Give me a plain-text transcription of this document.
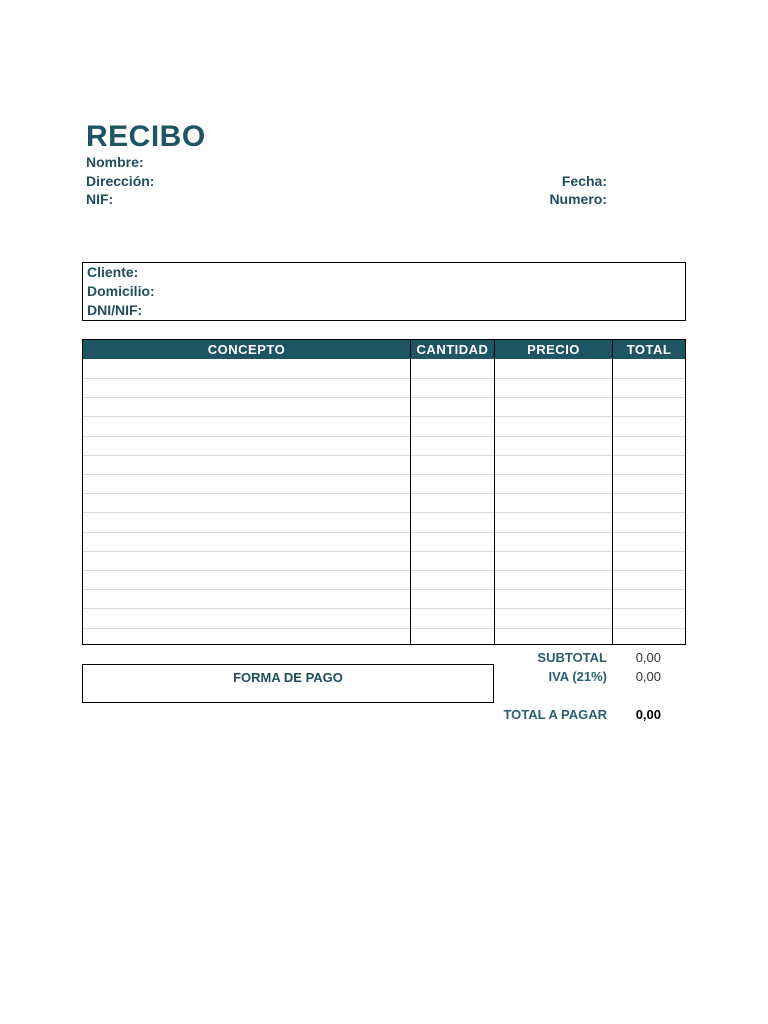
RECIBO
Nombre:
Dirección:
NIF:
Fecha:
Numero:
Cliente:
Domicilio:
DNI/NIF:
CONCEPTO	CANTIDAD	PRECIO	TOTAL
FORMA DE PAGO
SUBTOTAL	0,00
IVA (21%)	0,00
TOTAL A PAGAR	0,00
